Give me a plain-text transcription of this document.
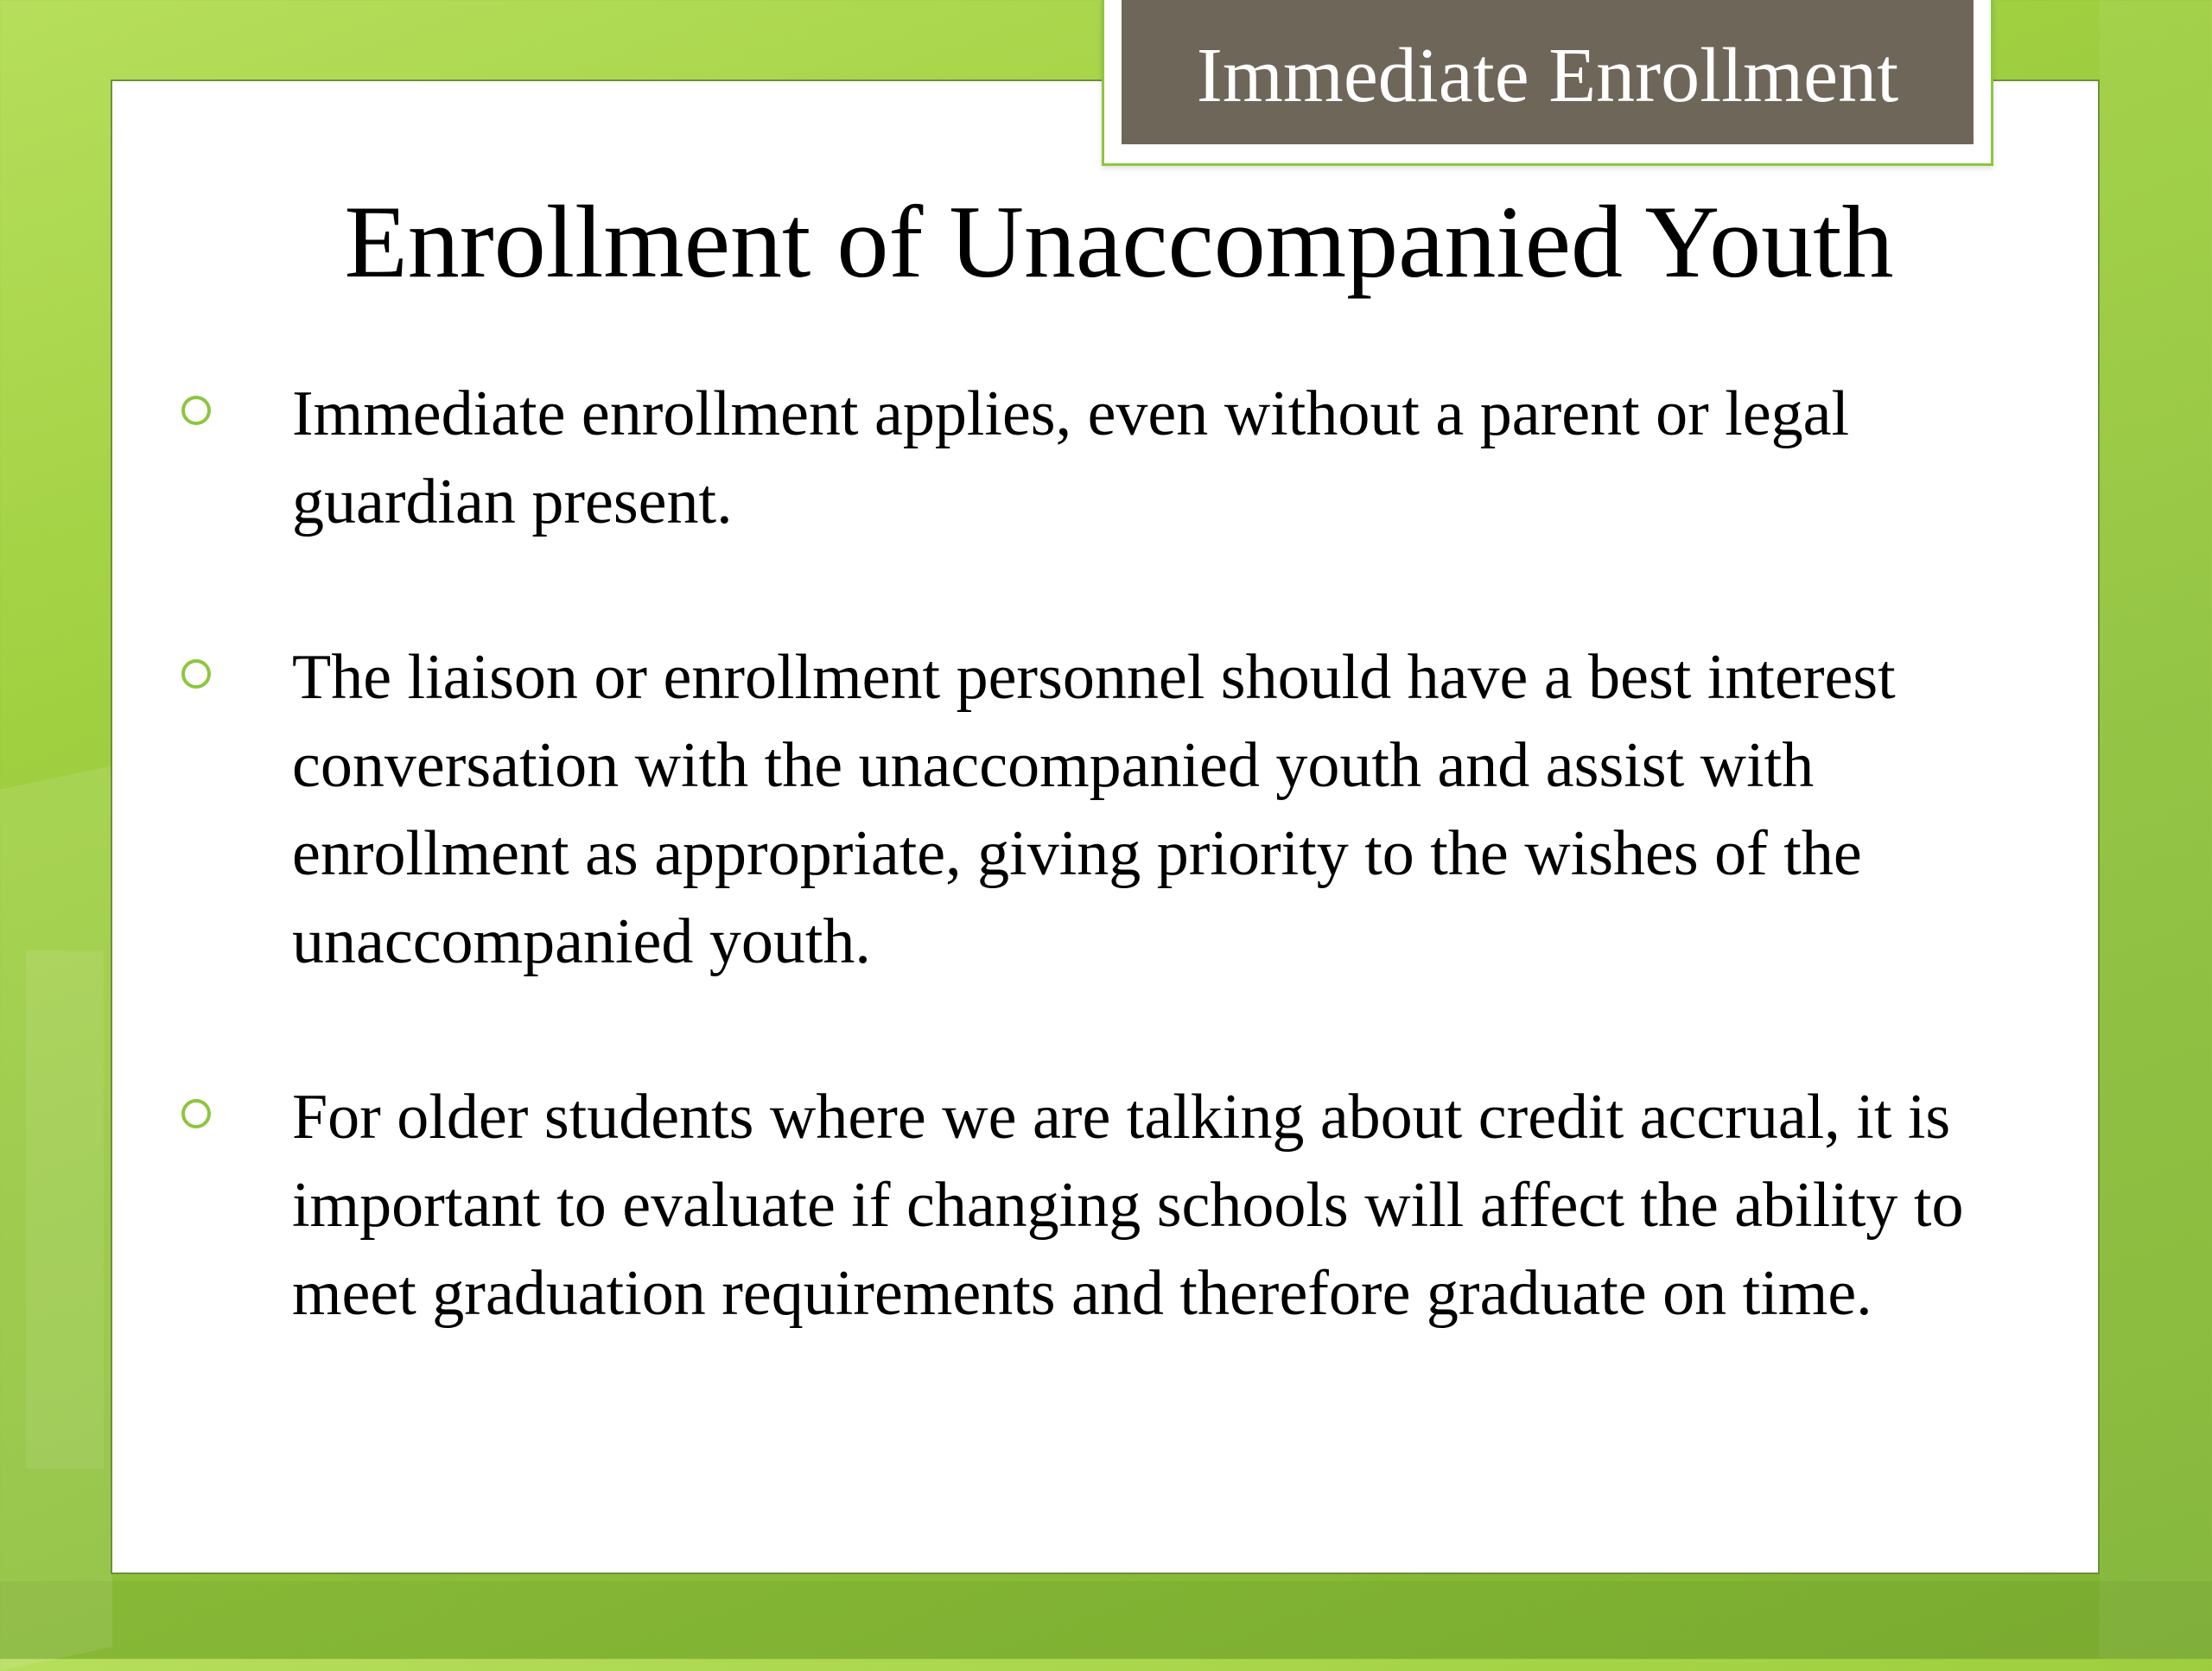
Immediate Enrollment
Enrollment of Unaccompanied Youth
Immediate enrollment applies, even without a parent or legal guardian present.
The liaison or enrollment personnel should have a best interest conversation with the unaccompanied youth and assist with enrollment as appropriate, giving priority to the wishes of the unaccompanied youth.
For older students where we are talking about credit accrual, it is important to evaluate if changing schools will affect the ability to meet graduation requirements and therefore graduate on time.
